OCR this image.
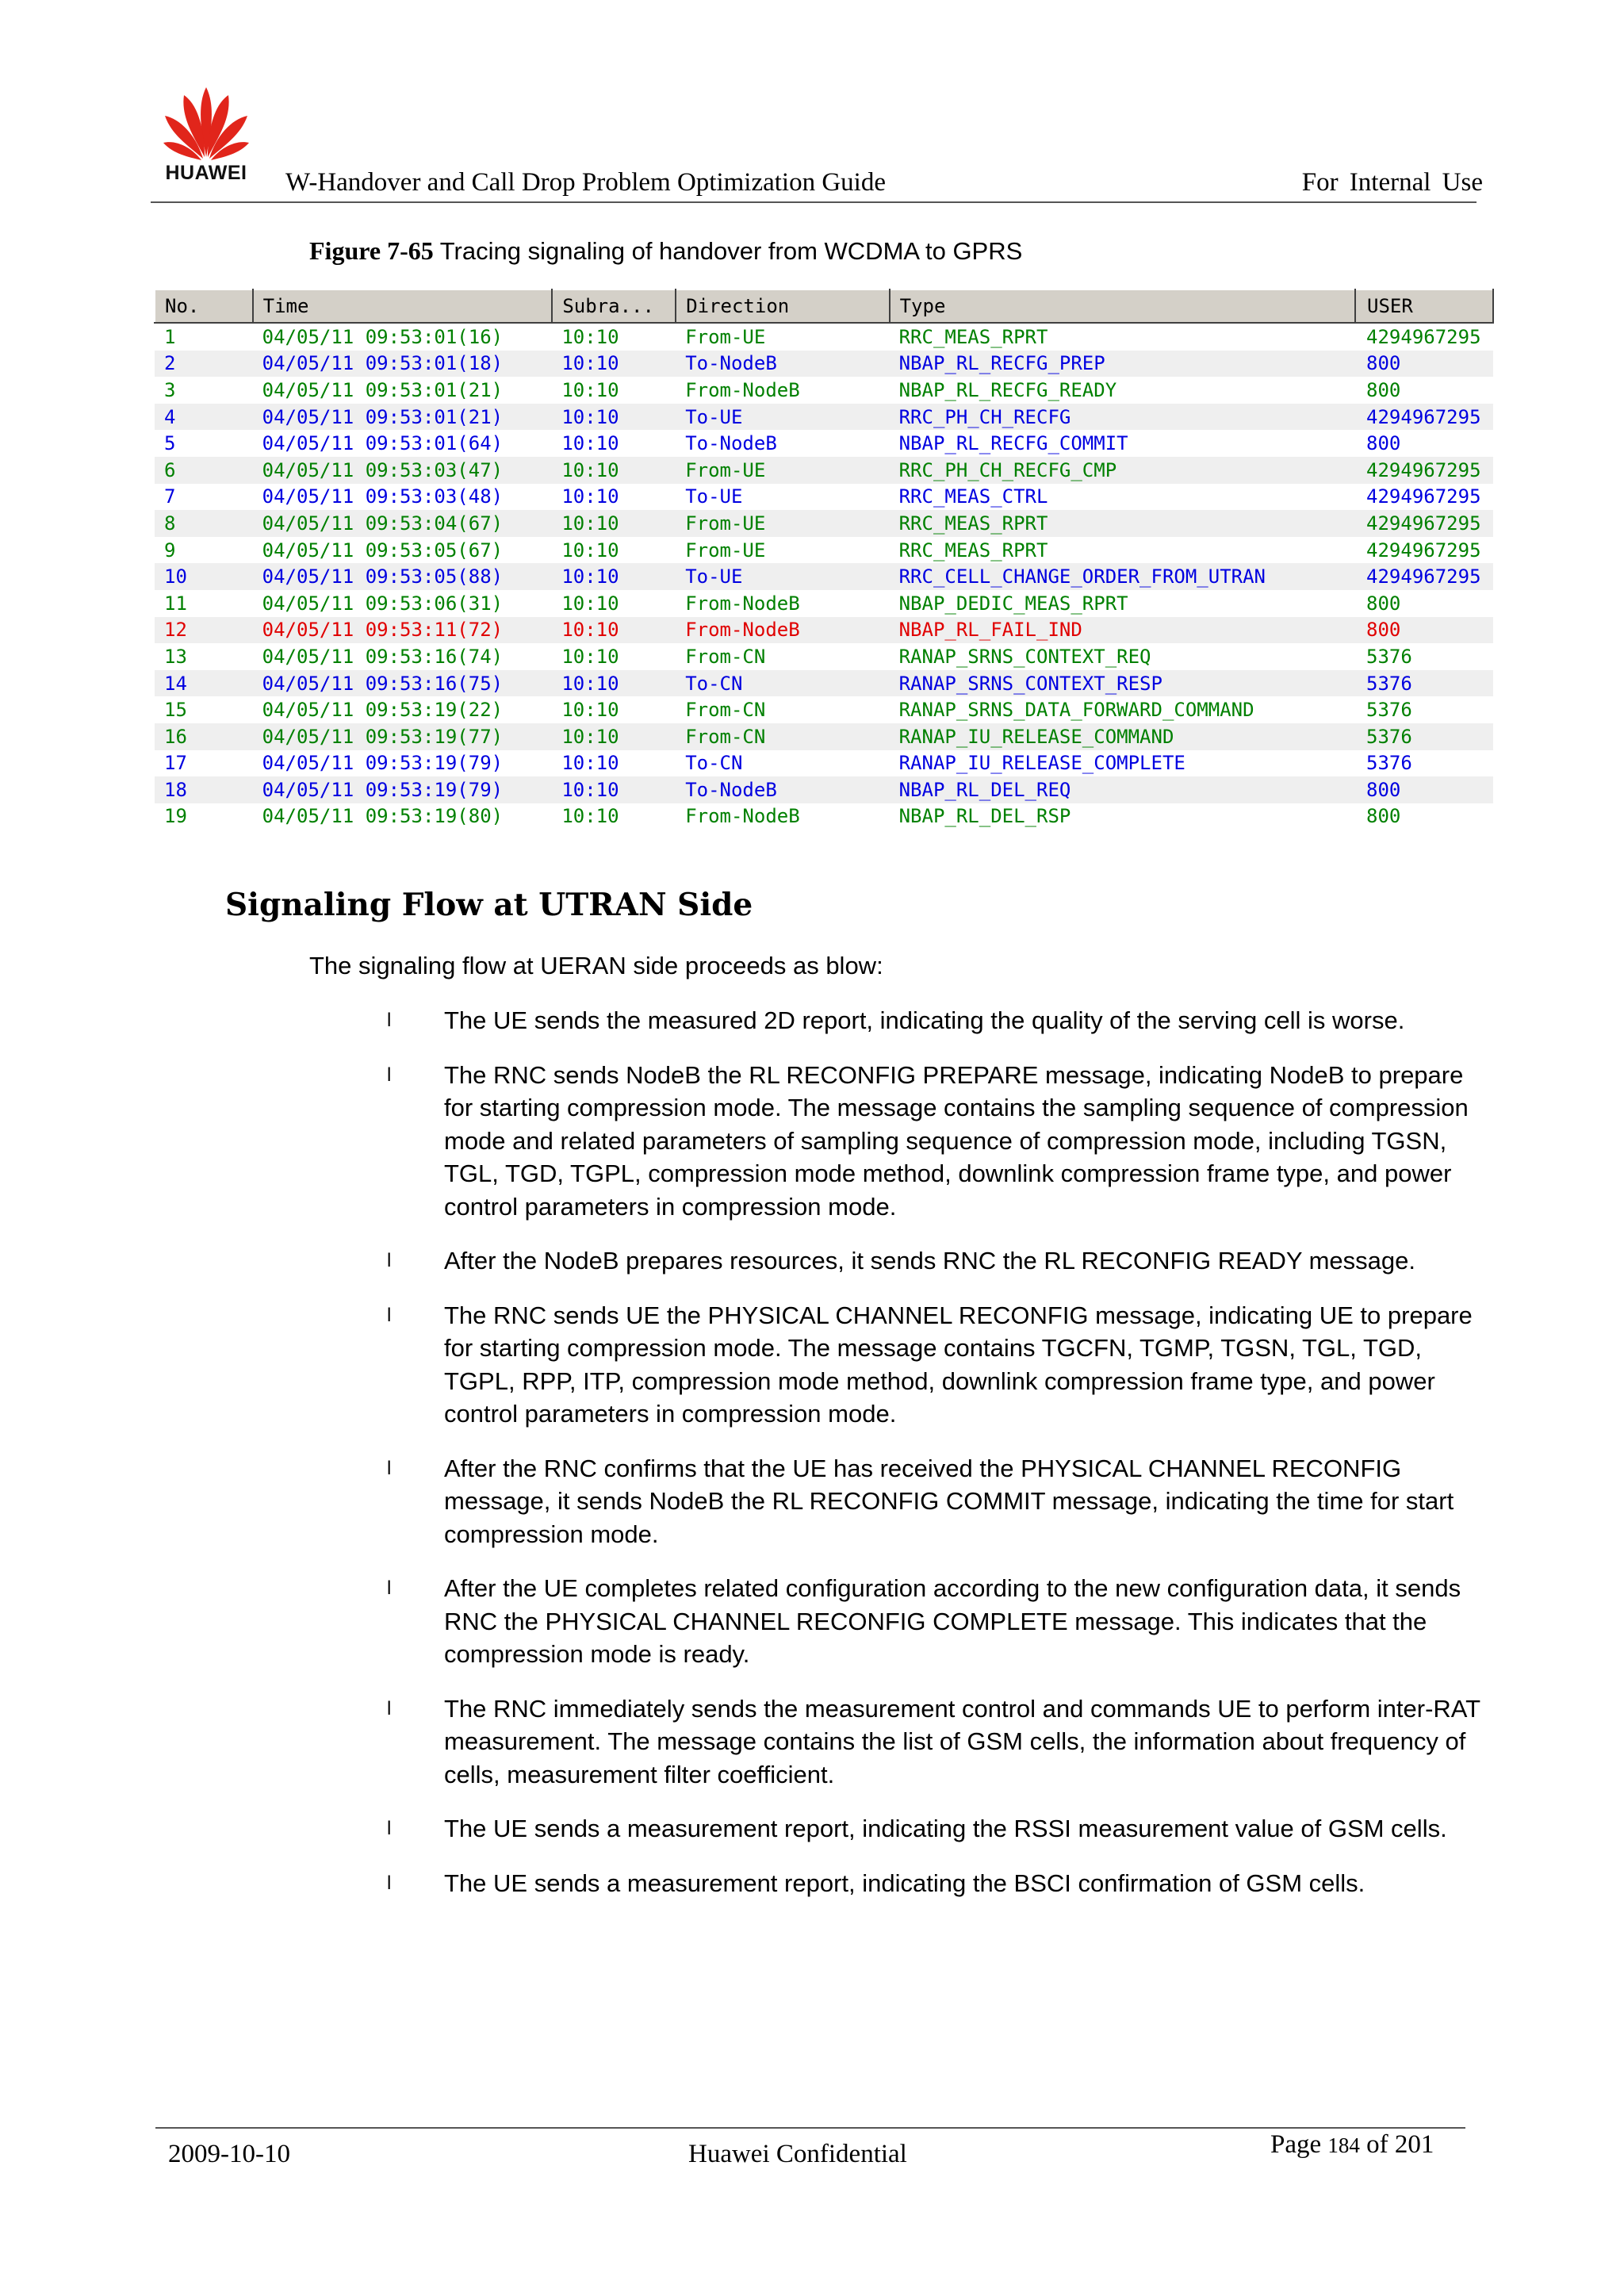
HUAWEI	W-Handover and Call Drop Problem Optimization Guide	For Internal Use
Figure 7-65 Tracing signaling of handover from WCDMA to GPRS
No.	Time	Subra...	Direction	Type	USER
1	04/05/11 09:53:01(16)	10:10	From-UE	RRC_MEAS_RPRT	4294967295
2	04/05/11 09:53:01(18)	10:10	To-NodeB	NBAP_RL_RECFG_PREP	800
3	04/05/11 09:53:01(21)	10:10	From-NodeB	NBAP_RL_RECFG_READY	800
4	04/05/11 09:53:01(21)	10:10	To-UE	RRC_PH_CH_RECFG	4294967295
5	04/05/11 09:53:01(64)	10:10	To-NodeB	NBAP_RL_RECFG_COMMIT	800
6	04/05/11 09:53:03(47)	10:10	From-UE	RRC_PH_CH_RECFG_CMP	4294967295
7	04/05/11 09:53:03(48)	10:10	To-UE	RRC_MEAS_CTRL	4294967295
8	04/05/11 09:53:04(67)	10:10	From-UE	RRC_MEAS_RPRT	4294967295
9	04/05/11 09:53:05(67)	10:10	From-UE	RRC_MEAS_RPRT	4294967295
10	04/05/11 09:53:05(88)	10:10	To-UE	RRC_CELL_CHANGE_ORDER_FROM_UTRAN	4294967295
11	04/05/11 09:53:06(31)	10:10	From-NodeB	NBAP_DEDIC_MEAS_RPRT	800
12	04/05/11 09:53:11(72)	10:10	From-NodeB	NBAP_RL_FAIL_IND	800
13	04/05/11 09:53:16(74)	10:10	From-CN	RANAP_SRNS_CONTEXT_REQ	5376
14	04/05/11 09:53:16(75)	10:10	To-CN	RANAP_SRNS_CONTEXT_RESP	5376
15	04/05/11 09:53:19(22)	10:10	From-CN	RANAP_SRNS_DATA_FORWARD_COMMAND	5376
16	04/05/11 09:53:19(77)	10:10	From-CN	RANAP_IU_RELEASE_COMMAND	5376
17	04/05/11 09:53:19(79)	10:10	To-CN	RANAP_IU_RELEASE_COMPLETE	5376
18	04/05/11 09:53:19(79)	10:10	To-NodeB	NBAP_RL_DEL_REQ	800
19	04/05/11 09:53:19(80)	10:10	From-NodeB	NBAP_RL_DEL_RSP	800
Signaling Flow at UTRAN Side
The signaling flow at UERAN side proceeds as blow:
l The UE sends the measured 2D report, indicating the quality of the serving cell is worse.
l The RNC sends NodeB the RL RECONFIG PREPARE message, indicating NodeB to prepare for starting compression mode. The message contains the sampling sequence of compression mode and related parameters of sampling sequence of compression mode, including TGSN, TGL, TGD, TGPL, compression mode method, downlink compression frame type, and power control parameters in compression mode.
l After the NodeB prepares resources, it sends RNC the RL RECONFIG READY message.
l The RNC sends UE the PHYSICAL CHANNEL RECONFIG message, indicating UE to prepare for starting compression mode. The message contains TGCFN, TGMP, TGSN, TGL, TGD, TGPL, RPP, ITP, compression mode method, downlink compression frame type, and power control parameters in compression mode.
l After the RNC confirms that the UE has received the PHYSICAL CHANNEL RECONFIG message, it sends NodeB the RL RECONFIG COMMIT message, indicating the time for start compression mode.
l After the UE completes related configuration according to the new configuration data, it sends RNC the PHYSICAL CHANNEL RECONFIG COMPLETE message. This indicates that the compression mode is ready.
l The RNC immediately sends the measurement control and commands UE to perform inter-RAT measurement. The message contains the list of GSM cells, the information about frequency of cells, measurement filter coefficient.
l The UE sends a measurement report, indicating the RSSI measurement value of GSM cells.
l The UE sends a measurement report, indicating the BSCI confirmation of GSM cells.
2009-10-10	Huawei Confidential	Page 184 of 201
